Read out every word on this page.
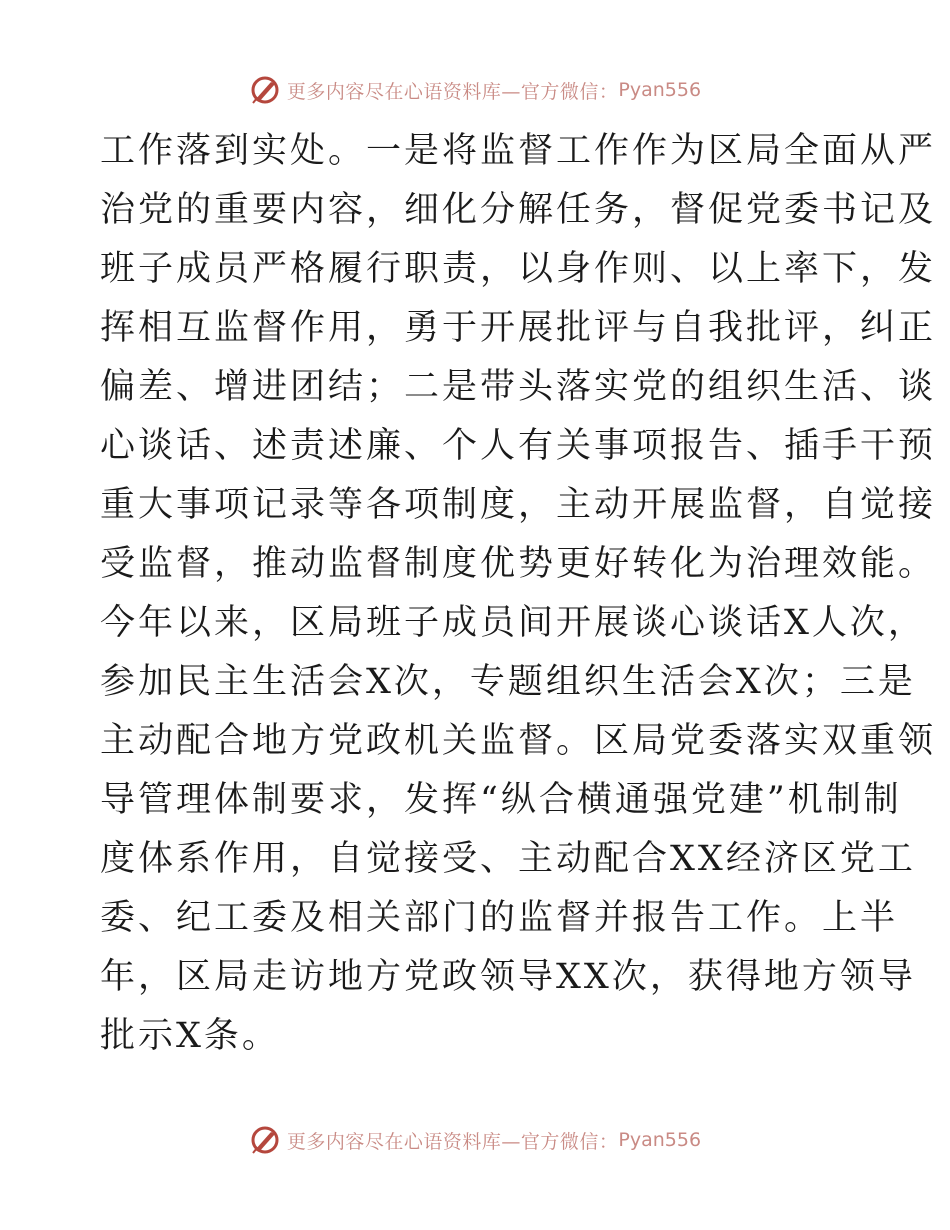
更多内容尽在心语资料库—官方微信： Pyan556
工作落到实处。一是将监督工作作为区局全面从严
治党的重要内容，细化分解任务，督促党委书记及
班子成员严格履行职责，以身作则、以上率下，发
挥相互监督作用，勇于开展批评与自我批评，纠正
偏差、增进团结；二是带头落实党的组织生活、谈
心谈话、述责述廉、个人有关事项报告、插手干预
重大事项记录等各项制度，主动开展监督，自觉接
受监督，推动监督制度优势更好转化为治理效能。
今年以来，区局班子成员间开展谈心谈话X人次，
参加民主生活会X次，专题组织生活会X次；三是
主动配合地方党政机关监督。区局党委落实双重领
导管理体制要求，发挥“纵合横通强党建”机制制
度体系作用，自觉接受、主动配合XX经济区党工
委、纪工委及相关部门的监督并报告工作。上半
年，区局走访地方党政领导XX次，获得地方领导
批示X条。
更多内容尽在心语资料库—官方微信： Pyan556
